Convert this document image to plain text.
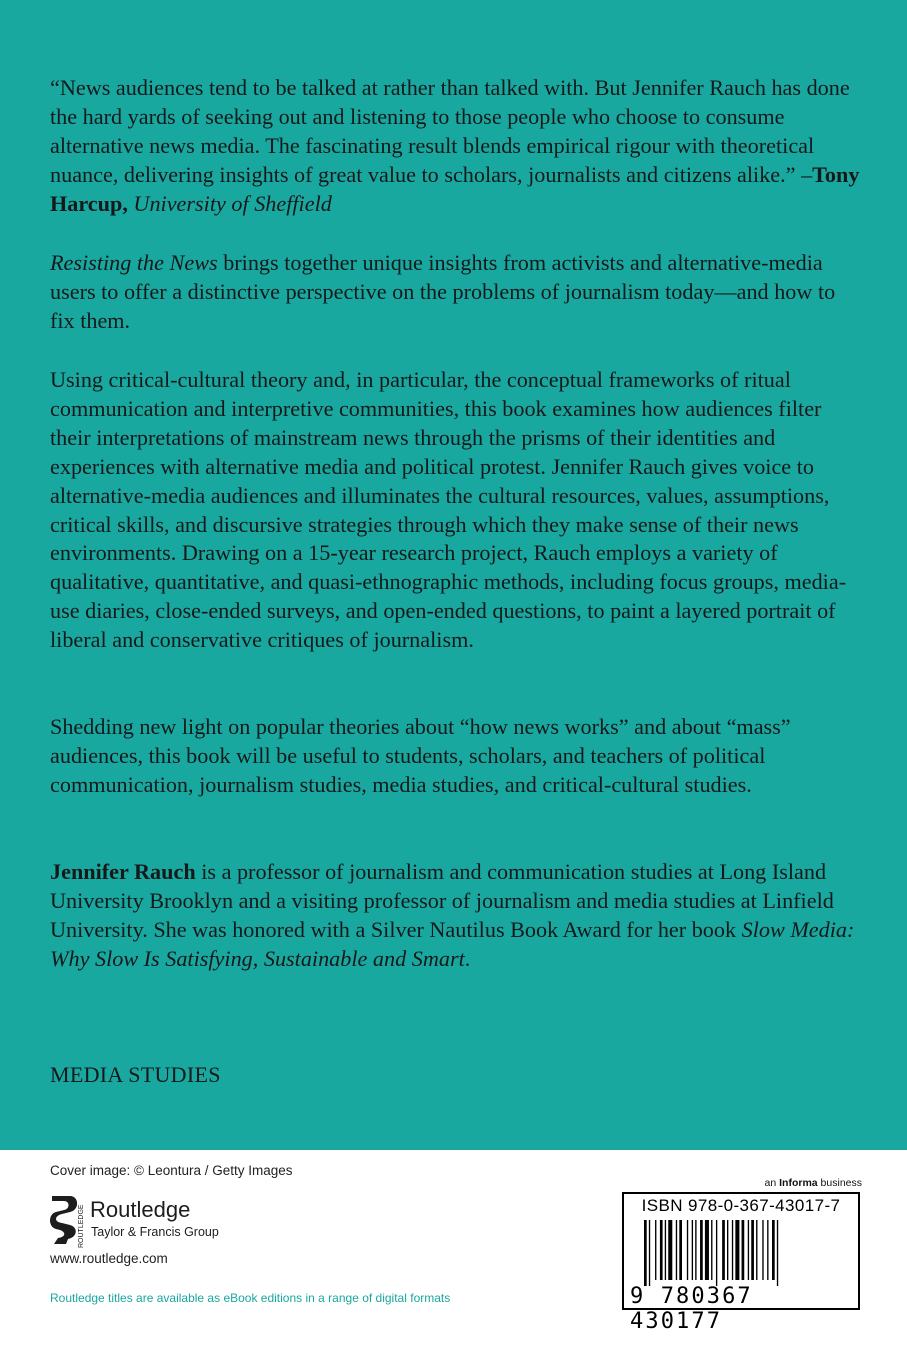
“News audiences tend to be talked at rather than talked with. But Jennifer Rauch has done the hard yards of seeking out and listening to those people who choose to consume alternative news media. The fascinating result blends empirical rigour with theoretical nuance, delivering insights of great value to scholars, journalists and citizens alike.” –Tony Harcup, University of Sheffield

Resisting the News brings together unique insights from activists and alternative-media users to offer a distinctive perspective on the problems of journalism today—and how to fix them.

Using critical-cultural theory and, in particular, the conceptual frameworks of ritual communication and interpretive communities, this book examines how audiences filter their interpretations of mainstream news through the prisms of their identities and experiences with alternative media and political protest. Jennifer Rauch gives voice to alternative-media audiences and illuminates the cultural resources, values, assumptions, critical skills, and discursive strategies through which they make sense of their news environments. Drawing on a 15-year research project, Rauch employs a variety of qualitative, quantitative, and quasi-ethnographic methods, including focus groups, media-use diaries, close-ended surveys, and open-ended questions, to paint a layered portrait of liberal and conservative critiques of journalism.

Shedding new light on popular theories about “how news works” and about “mass” audiences, this book will be useful to students, scholars, and teachers of political communication, journalism studies, media studies, and critical-cultural studies.

Jennifer Rauch is a professor of journalism and communication studies at Long Island University Brooklyn and a visiting professor of journalism and media studies at Linfield University. She was honored with a Silver Nautilus Book Award for her book Slow Media: Why Slow Is Satisfying, Sustainable and Smart.

MEDIA STUDIES
Cover image: © Leontura / Getty Images
ROUTLEDGE Routledge
Taylor & Francis Group
www.routledge.com
Routledge titles are available as eBook editions in a range of digital formats
an Informa business
ISBN 978-0-367-43017-7
9 780367 430177
